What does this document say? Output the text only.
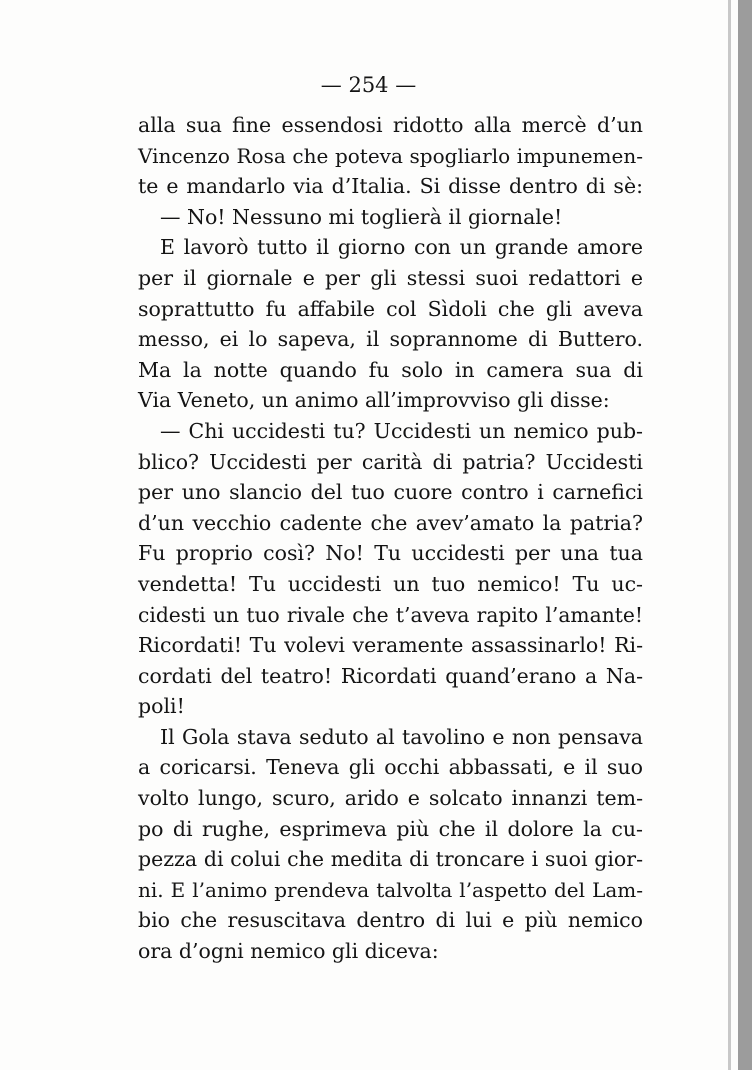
— 254 —
alla sua fine essendosi ridotto alla mercè d’un
Vincenzo Rosa che poteva spogliarlo impunemen-
te e mandarlo via d’Italia. Si disse dentro di sè:
— No! Nessuno mi toglierà il giornale!
E lavorò tutto il giorno con un grande amore
per il giornale e per gli stessi suoi redattori e
soprattutto fu affabile col Sìdoli che gli aveva
messo, ei lo sapeva, il soprannome di Buttero.
Ma la notte quando fu solo in camera sua di
Via Veneto, un animo all’improvviso gli disse:
— Chi uccidesti tu? Uccidesti un nemico pub-
blico? Uccidesti per carità di patria? Uccidesti
per uno slancio del tuo cuore contro i carnefici
d’un vecchio cadente che avev’amato la patria?
Fu proprio così? No! Tu uccidesti per una tua
vendetta! Tu uccidesti un tuo nemico! Tu uc-
cidesti un tuo rivale che t’aveva rapito l’amante!
Ricordati! Tu volevi veramente assassinarlo! Ri-
cordati del teatro! Ricordati quand’erano a Na-
poli!
Il Gola stava seduto al tavolino e non pensava
a coricarsi. Teneva gli occhi abbassati, e il suo
volto lungo, scuro, arido e solcato innanzi tem-
po di rughe, esprimeva più che il dolore la cu-
pezza di colui che medita di troncare i suoi gior-
ni. E l’animo prendeva talvolta l’aspetto del Lam-
bio che resuscitava dentro di lui e più nemico
ora d’ogni nemico gli diceva:
